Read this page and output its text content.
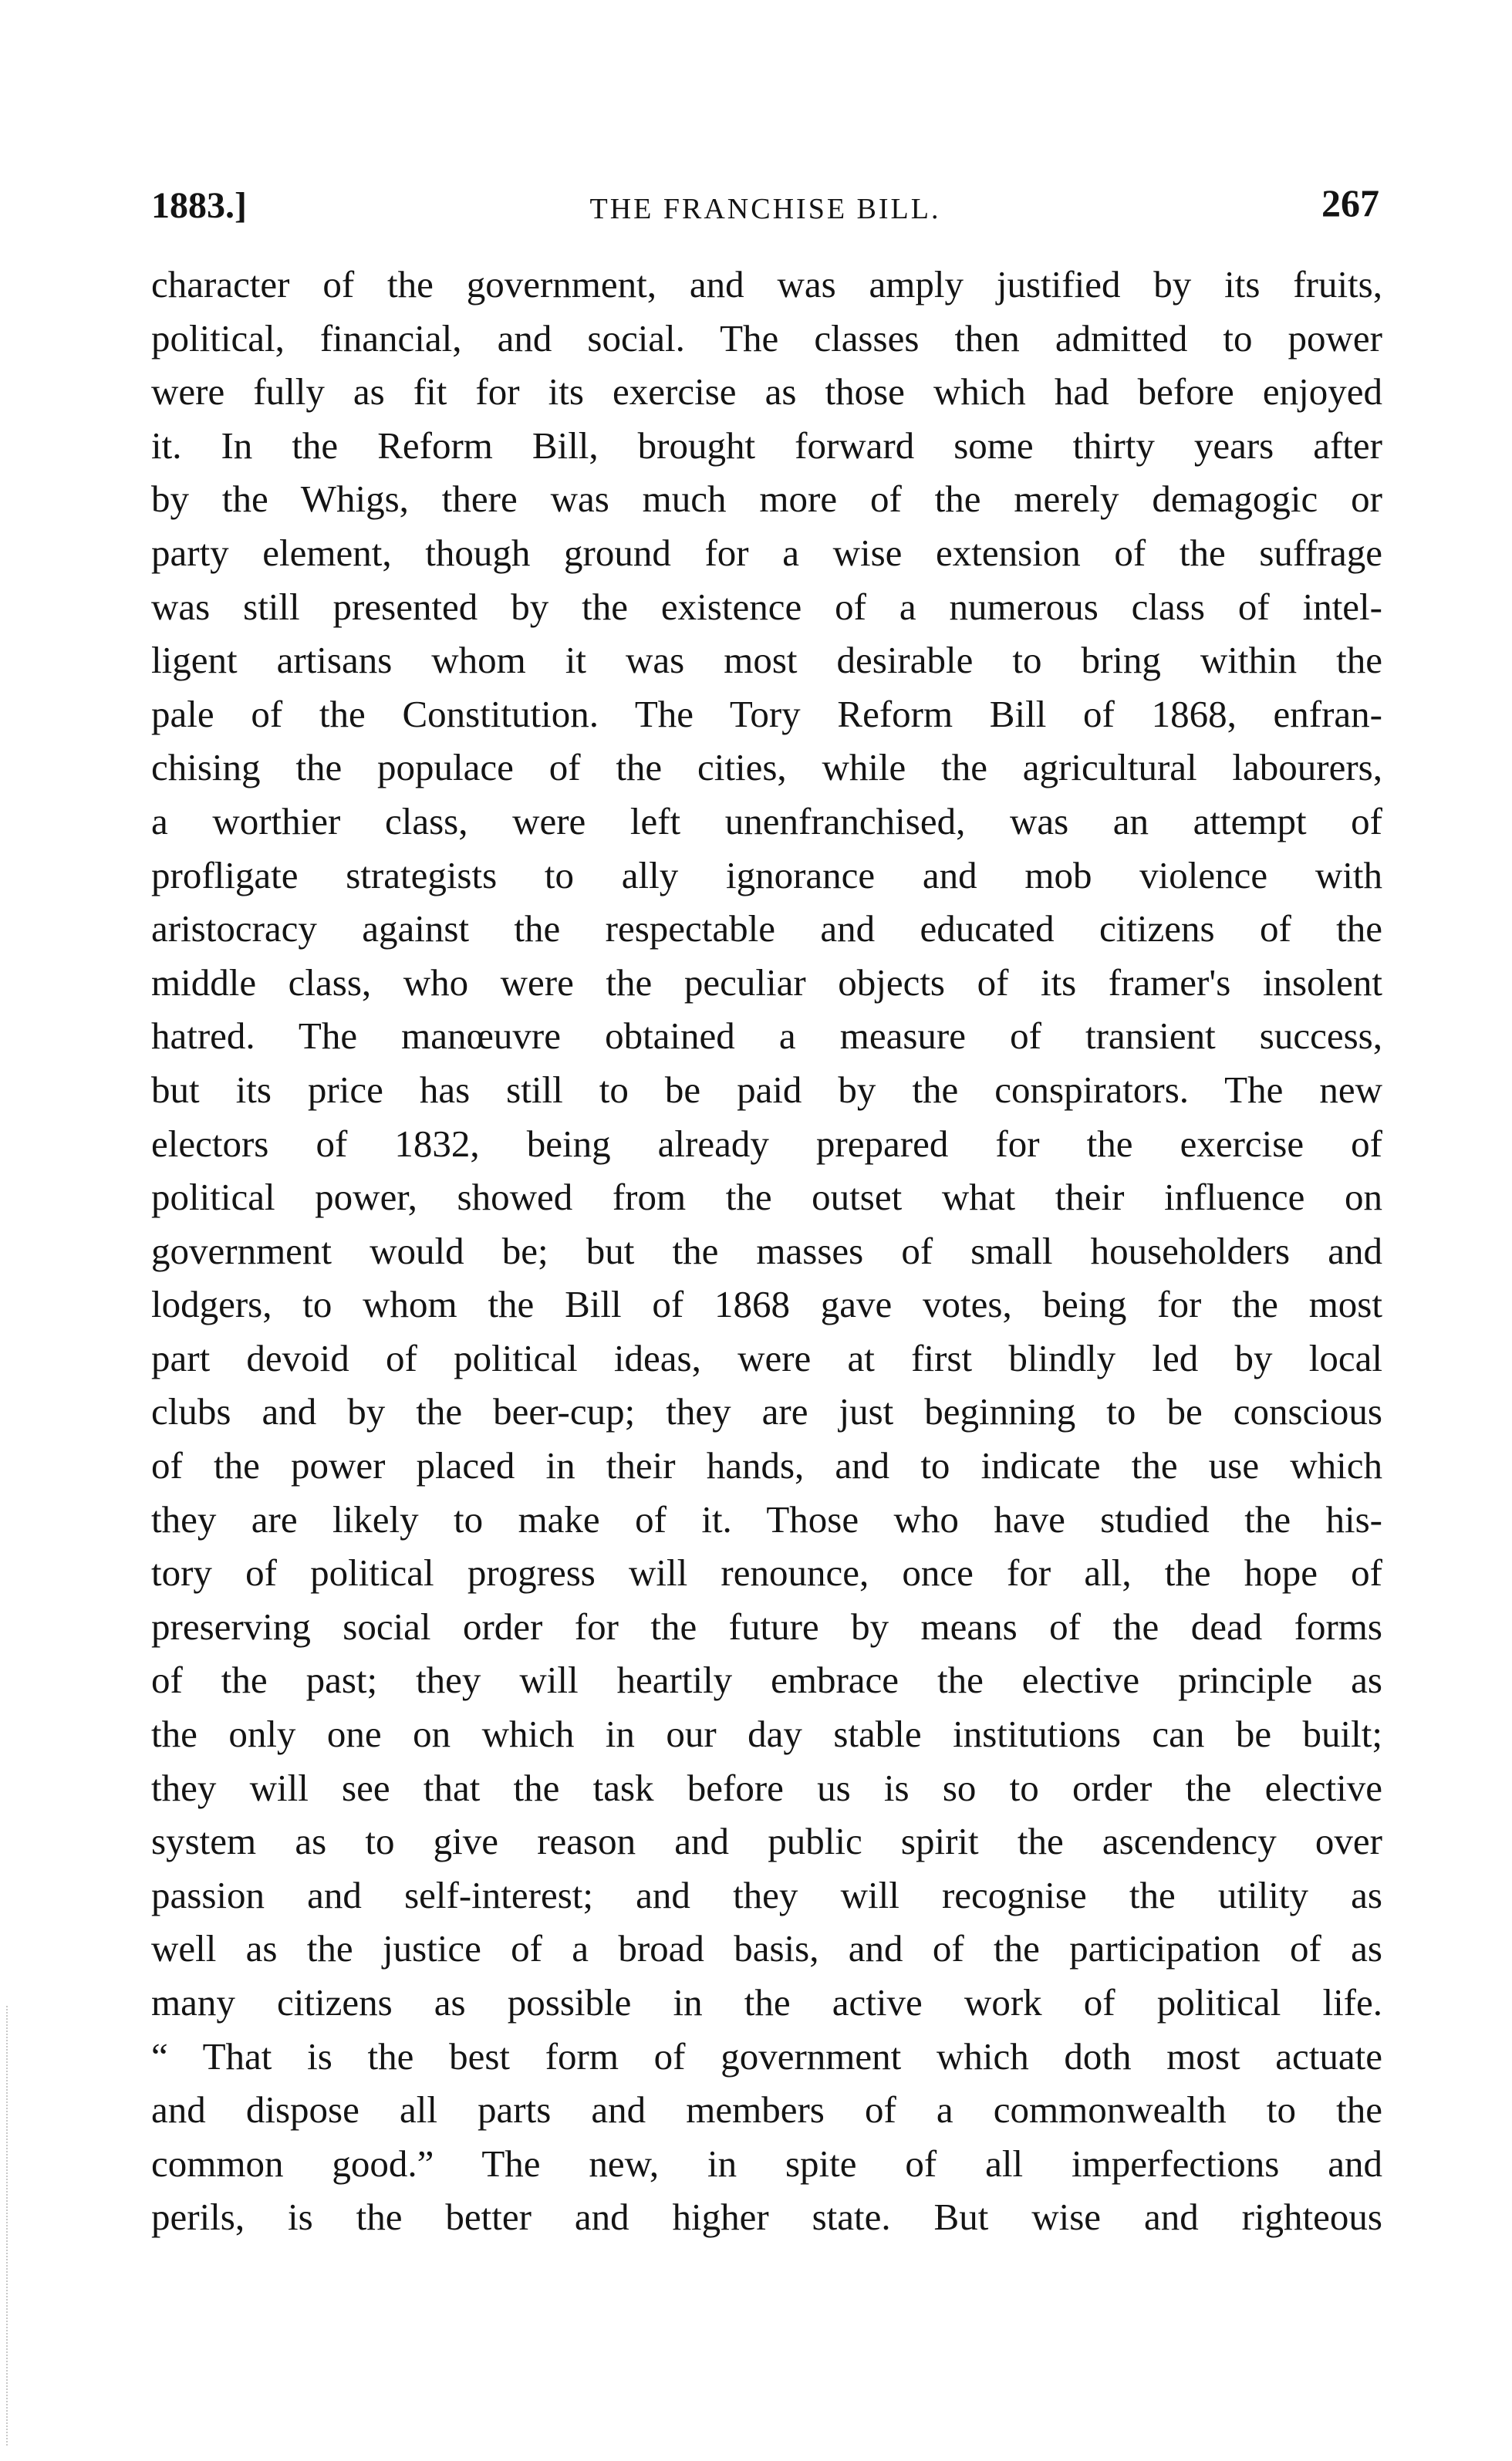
1883.]	THE FRANCHISE BILL.	267
character of the government, and was amply justified by its fruits,
political, financial, and social. The classes then admitted to power
were fully as fit for its exercise as those which had before enjoyed
it. In the Reform Bill, brought forward some thirty years after
by the Whigs, there was much more of the merely demagogic or
party element, though ground for a wise extension of the suffrage
was still presented by the existence of a numerous class of intel-
ligent artisans whom it was most desirable to bring within the
pale of the Constitution. The Tory Reform Bill of 1868, enfran-
chising the populace of the cities, while the agricultural labourers,
a worthier class, were left unenfranchised, was an attempt of
profligate strategists to ally ignorance and mob violence with
aristocracy against the respectable and educated citizens of the
middle class, who were the peculiar objects of its framer's insolent
hatred. The manœuvre obtained a measure of transient success,
but its price has still to be paid by the conspirators. The new
electors of 1832, being already prepared for the exercise of
political power, showed from the outset what their influence on
government would be; but the masses of small householders and
lodgers, to whom the Bill of 1868 gave votes, being for the most
part devoid of political ideas, were at first blindly led by local
clubs and by the beer-cup; they are just beginning to be conscious
of the power placed in their hands, and to indicate the use which
they are likely to make of it. Those who have studied the his-
tory of political progress will renounce, once for all, the hope of
preserving social order for the future by means of the dead forms
of the past; they will heartily embrace the elective principle as
the only one on which in our day stable institutions can be built;
they will see that the task before us is so to order the elective
system as to give reason and public spirit the ascendency over
passion and self-interest; and they will recognise the utility as
well as the justice of a broad basis, and of the participation of as
many citizens as possible in the active work of political life.
“ That is the best form of government which doth most actuate
and dispose all parts and members of a commonwealth to the
common good.” The new, in spite of all imperfections and
perils, is the better and higher state. But wise and righteous
